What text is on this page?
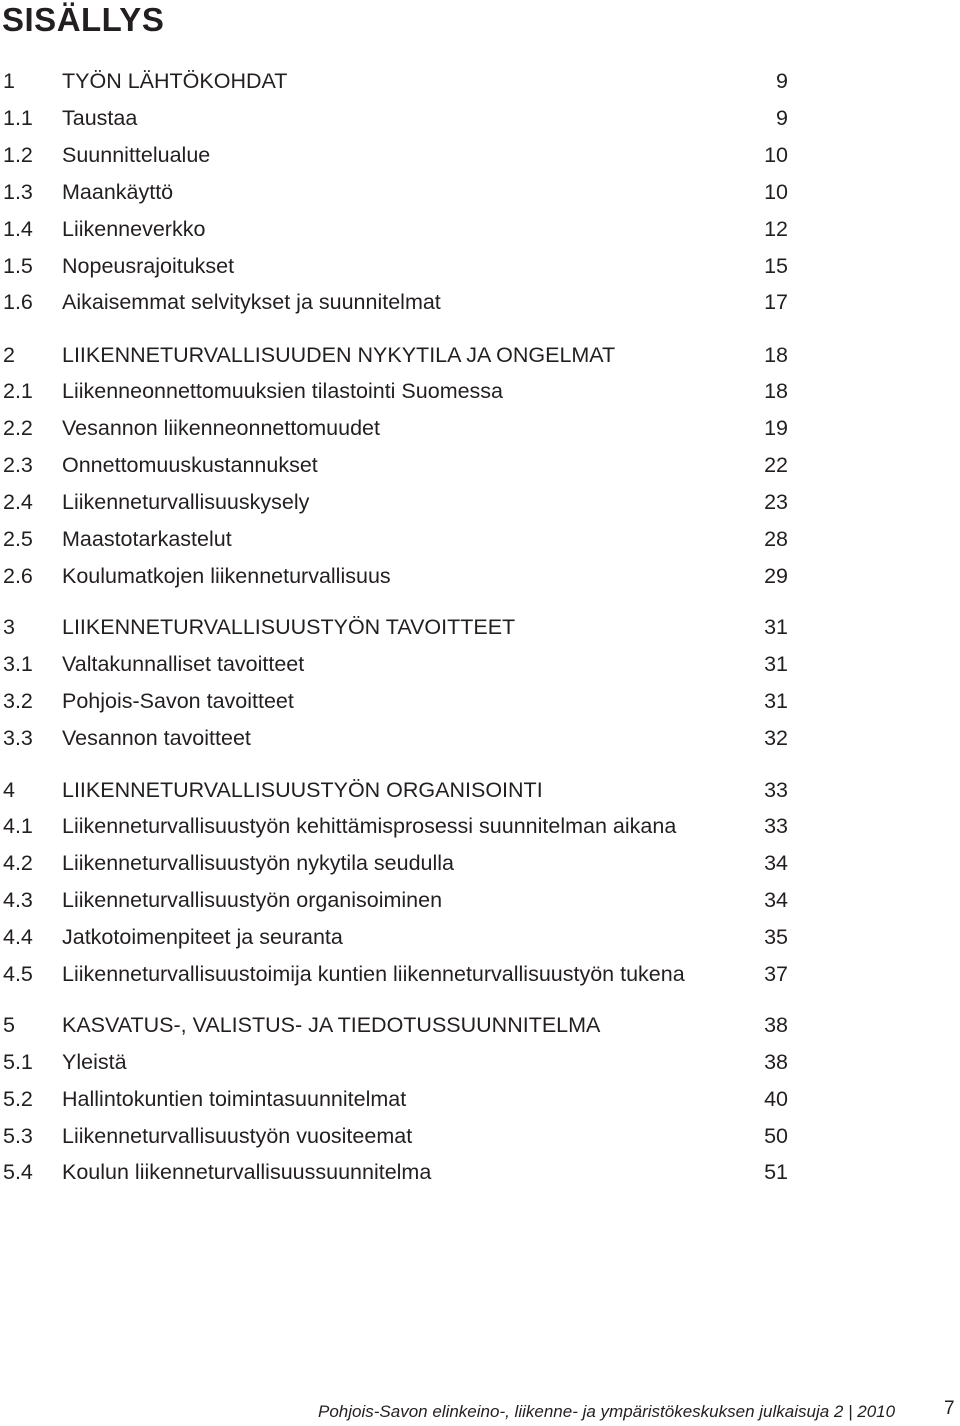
SISÄLLYS
1 TYÖN LÄHTÖKOHDAT	9
1.1 Taustaa	9
1.2 Suunnittelualue	10
1.3 Maankäyttö	10
1.4 Liikenneverkko	12
1.5 Nopeusrajoitukset	15
1.6 Aikaisemmat selvitykset ja suunnitelmat	17
2 LIIKENNETURVALLISUUDEN NYKYTILA JA ONGELMAT	18
2.1 Liikenneonnettomuuksien tilastointi Suomessa	18
2.2 Vesannon liikenneonnettomuudet	19
2.3 Onnettomuuskustannukset	22
2.4 Liikenneturvallisuuskysely	23
2.5 Maastotarkastelut	28
2.6 Koulumatkojen liikenneturvallisuus	29
3 LIIKENNETURVALLISUUSTYÖN TAVOITTEET	31
3.1 Valtakunnalliset tavoitteet	31
3.2 Pohjois-Savon tavoitteet	31
3.3 Vesannon tavoitteet	32
4 LIIKENNETURVALLISUUSTYÖN ORGANISOINTI	33
4.1 Liikenneturvallisuustyön kehittämisprosessi suunnitelman aikana	33
4.2 Liikenneturvallisuustyön nykytila seudulla	34
4.3 Liikenneturvallisuustyön organisoiminen	34
4.4 Jatkotoimenpiteet ja seuranta	35
4.5 Liikenneturvallisuustoimija kuntien liikenneturvallisuustyön tukena	37
5 KASVATUS-, VALISTUS- JA TIEDOTUSSUUNNITELMA	38
5.1 Yleistä	38
5.2 Hallintokuntien toimintasuunnitelmat	40
5.3 Liikenneturvallisuustyön vuositeemat	50
5.4 Koulun liikenneturvallisuussuunnitelma	51
Pohjois-Savon elinkeino-, liikenne- ja ympäristökeskuksen julkaisuja 2 | 2010	7
